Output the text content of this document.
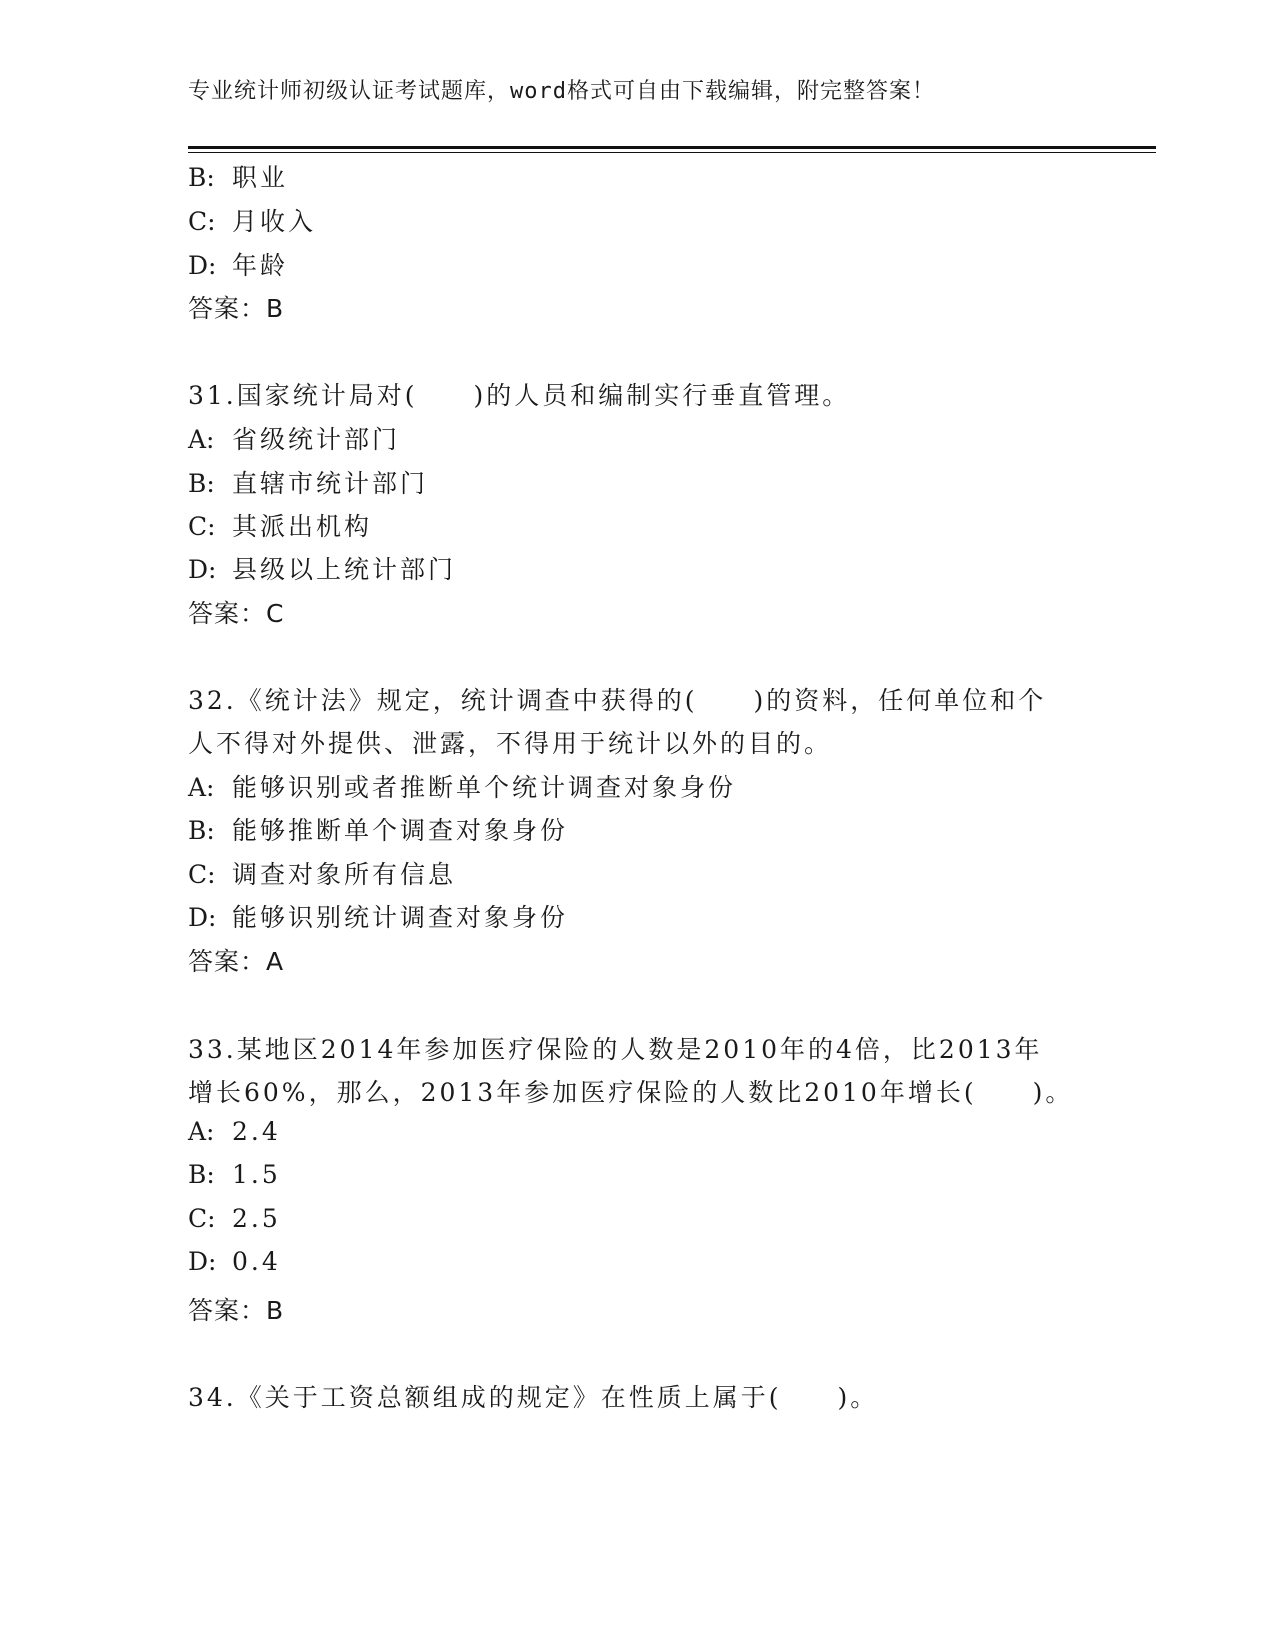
专业统计师初级认证考试题库，word格式可自由下载编辑，附完整答案！
B: 职业
C: 月收入
D: 年龄
答案：B
31.国家统计局对(　　)的人员和编制实行垂直管理。
A: 省级统计部门
B: 直辖市统计部门
C: 其派出机构
D: 县级以上统计部门
答案：C
32.《统计法》规定，统计调查中获得的(　　)的资料，任何单位和个
人不得对外提供、泄露，不得用于统计以外的目的。
A: 能够识别或者推断单个统计调查对象身份
B: 能够推断单个调查对象身份
C: 调查对象所有信息
D: 能够识别统计调查对象身份
答案：A
33.某地区2014年参加医疗保险的人数是2010年的4倍，比2013年
增长60%，那么，2013年参加医疗保险的人数比2010年增长(　　)。
A: 2.4
B: 1.5
C: 2.5
D: 0.4
答案：B
34.《关于工资总额组成的规定》在性质上属于(　　)。
